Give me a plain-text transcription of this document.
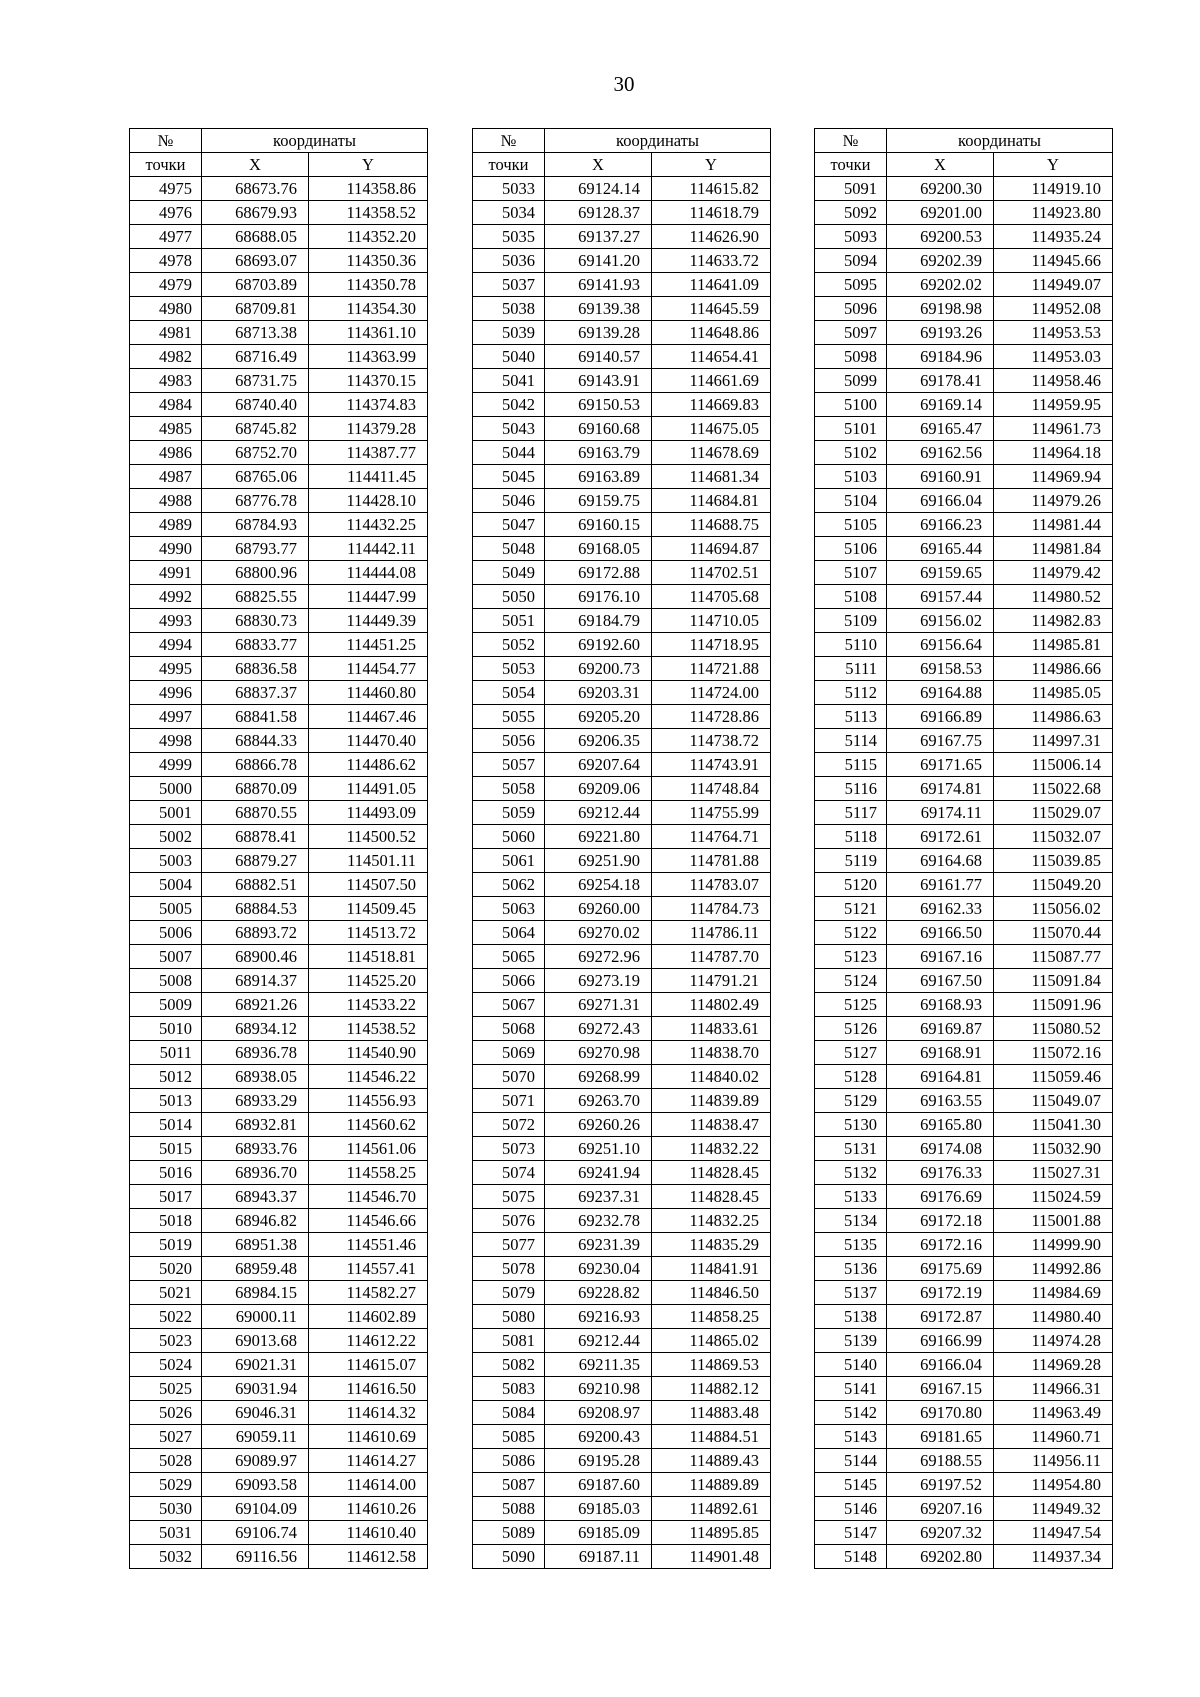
30
№	координаты	
точки	X	Y
4975	68673.76	114358.86
4976	68679.93	114358.52
4977	68688.05	114352.20
4978	68693.07	114350.36
4979	68703.89	114350.78
4980	68709.81	114354.30
4981	68713.38	114361.10
4982	68716.49	114363.99
4983	68731.75	114370.15
4984	68740.40	114374.83
4985	68745.82	114379.28
4986	68752.70	114387.77
4987	68765.06	114411.45
4988	68776.78	114428.10
4989	68784.93	114432.25
4990	68793.77	114442.11
4991	68800.96	114444.08
4992	68825.55	114447.99
4993	68830.73	114449.39
4994	68833.77	114451.25
4995	68836.58	114454.77
4996	68837.37	114460.80
4997	68841.58	114467.46
4998	68844.33	114470.40
4999	68866.78	114486.62
5000	68870.09	114491.05
5001	68870.55	114493.09
5002	68878.41	114500.52
5003	68879.27	114501.11
5004	68882.51	114507.50
5005	68884.53	114509.45
5006	68893.72	114513.72
5007	68900.46	114518.81
5008	68914.37	114525.20
5009	68921.26	114533.22
5010	68934.12	114538.52
5011	68936.78	114540.90
5012	68938.05	114546.22
5013	68933.29	114556.93
5014	68932.81	114560.62
5015	68933.76	114561.06
5016	68936.70	114558.25
5017	68943.37	114546.70
5018	68946.82	114546.66
5019	68951.38	114551.46
5020	68959.48	114557.41
5021	68984.15	114582.27
5022	69000.11	114602.89
5023	69013.68	114612.22
5024	69021.31	114615.07
5025	69031.94	114616.50
5026	69046.31	114614.32
5027	69059.11	114610.69
5028	69089.97	114614.27
5029	69093.58	114614.00
5030	69104.09	114610.26
5031	69106.74	114610.40
5032	69116.56	114612.58
№	координаты	
точки	X	Y
5033	69124.14	114615.82
5034	69128.37	114618.79
5035	69137.27	114626.90
5036	69141.20	114633.72
5037	69141.93	114641.09
5038	69139.38	114645.59
5039	69139.28	114648.86
5040	69140.57	114654.41
5041	69143.91	114661.69
5042	69150.53	114669.83
5043	69160.68	114675.05
5044	69163.79	114678.69
5045	69163.89	114681.34
5046	69159.75	114684.81
5047	69160.15	114688.75
5048	69168.05	114694.87
5049	69172.88	114702.51
5050	69176.10	114705.68
5051	69184.79	114710.05
5052	69192.60	114718.95
5053	69200.73	114721.88
5054	69203.31	114724.00
5055	69205.20	114728.86
5056	69206.35	114738.72
5057	69207.64	114743.91
5058	69209.06	114748.84
5059	69212.44	114755.99
5060	69221.80	114764.71
5061	69251.90	114781.88
5062	69254.18	114783.07
5063	69260.00	114784.73
5064	69270.02	114786.11
5065	69272.96	114787.70
5066	69273.19	114791.21
5067	69271.31	114802.49
5068	69272.43	114833.61
5069	69270.98	114838.70
5070	69268.99	114840.02
5071	69263.70	114839.89
5072	69260.26	114838.47
5073	69251.10	114832.22
5074	69241.94	114828.45
5075	69237.31	114828.45
5076	69232.78	114832.25
5077	69231.39	114835.29
5078	69230.04	114841.91
5079	69228.82	114846.50
5080	69216.93	114858.25
5081	69212.44	114865.02
5082	69211.35	114869.53
5083	69210.98	114882.12
5084	69208.97	114883.48
5085	69200.43	114884.51
5086	69195.28	114889.43
5087	69187.60	114889.89
5088	69185.03	114892.61
5089	69185.09	114895.85
5090	69187.11	114901.48
№	координаты	
точки	X	Y
5091	69200.30	114919.10
5092	69201.00	114923.80
5093	69200.53	114935.24
5094	69202.39	114945.66
5095	69202.02	114949.07
5096	69198.98	114952.08
5097	69193.26	114953.53
5098	69184.96	114953.03
5099	69178.41	114958.46
5100	69169.14	114959.95
5101	69165.47	114961.73
5102	69162.56	114964.18
5103	69160.91	114969.94
5104	69166.04	114979.26
5105	69166.23	114981.44
5106	69165.44	114981.84
5107	69159.65	114979.42
5108	69157.44	114980.52
5109	69156.02	114982.83
5110	69156.64	114985.81
5111	69158.53	114986.66
5112	69164.88	114985.05
5113	69166.89	114986.63
5114	69167.75	114997.31
5115	69171.65	115006.14
5116	69174.81	115022.68
5117	69174.11	115029.07
5118	69172.61	115032.07
5119	69164.68	115039.85
5120	69161.77	115049.20
5121	69162.33	115056.02
5122	69166.50	115070.44
5123	69167.16	115087.77
5124	69167.50	115091.84
5125	69168.93	115091.96
5126	69169.87	115080.52
5127	69168.91	115072.16
5128	69164.81	115059.46
5129	69163.55	115049.07
5130	69165.80	115041.30
5131	69174.08	115032.90
5132	69176.33	115027.31
5133	69176.69	115024.59
5134	69172.18	115001.88
5135	69172.16	114999.90
5136	69175.69	114992.86
5137	69172.19	114984.69
5138	69172.87	114980.40
5139	69166.99	114974.28
5140	69166.04	114969.28
5141	69167.15	114966.31
5142	69170.80	114963.49
5143	69181.65	114960.71
5144	69188.55	114956.11
5145	69197.52	114954.80
5146	69207.16	114949.32
5147	69207.32	114947.54
5148	69202.80	114937.34
